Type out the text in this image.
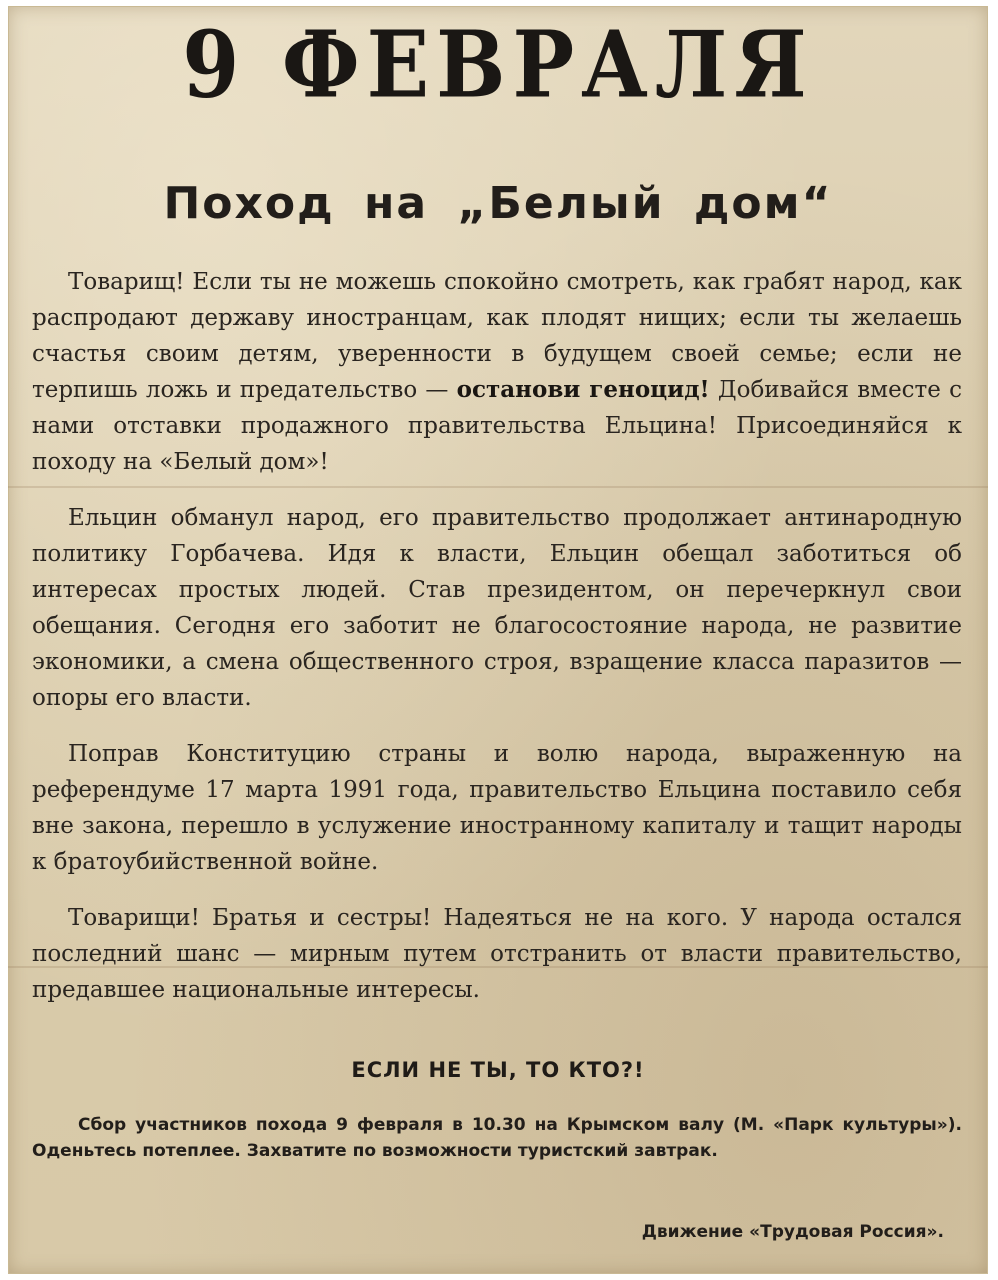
9 ФЕВРАЛЯ
Поход на „Белый дом“

Товарищ! Если ты не можешь спокойно смотреть, как грабят народ, как распродают державу иностранцам, как плодят нищих; если ты желаешь счастья своим детям, уверенности в будущем своей семье; если не терпишь ложь и предательство — останови геноцид! Добивайся вместе с нами отставки продажного правительства Ельцина! Присоединяйся к походу на «Белый дом»!

Ельцин обманул народ, его правительство продолжает антинародную политику Горбачева. Идя к власти, Ельцин обещал заботиться об интересах простых людей. Став президентом, он перечеркнул свои обещания. Сегодня его заботит не благосостояние народа, не развитие экономики, а смена общественного строя, взращение класса паразитов — опоры его власти.

Поправ Конституцию страны и волю народа, выраженную на референдуме 17 марта 1991 года, правительство Ельцина поставило себя вне закона, перешло в услужение иностранному капиталу и тащит народы к братоубийственной войне.

Товарищи! Братья и сестры! Надеяться не на кого. У народа остался последний шанс — мирным путем отстранить от власти правительство, предавшее национальные интересы.

ЕСЛИ НЕ ТЫ, ТО КТО?!

Сбор участников похода 9 февраля в 10.30 на Крымском валу (М. «Парк культуры»). Оденьтесь потеплее. Захватите по возможности туристский завтрак.

Движение «Трудовая Россия».
